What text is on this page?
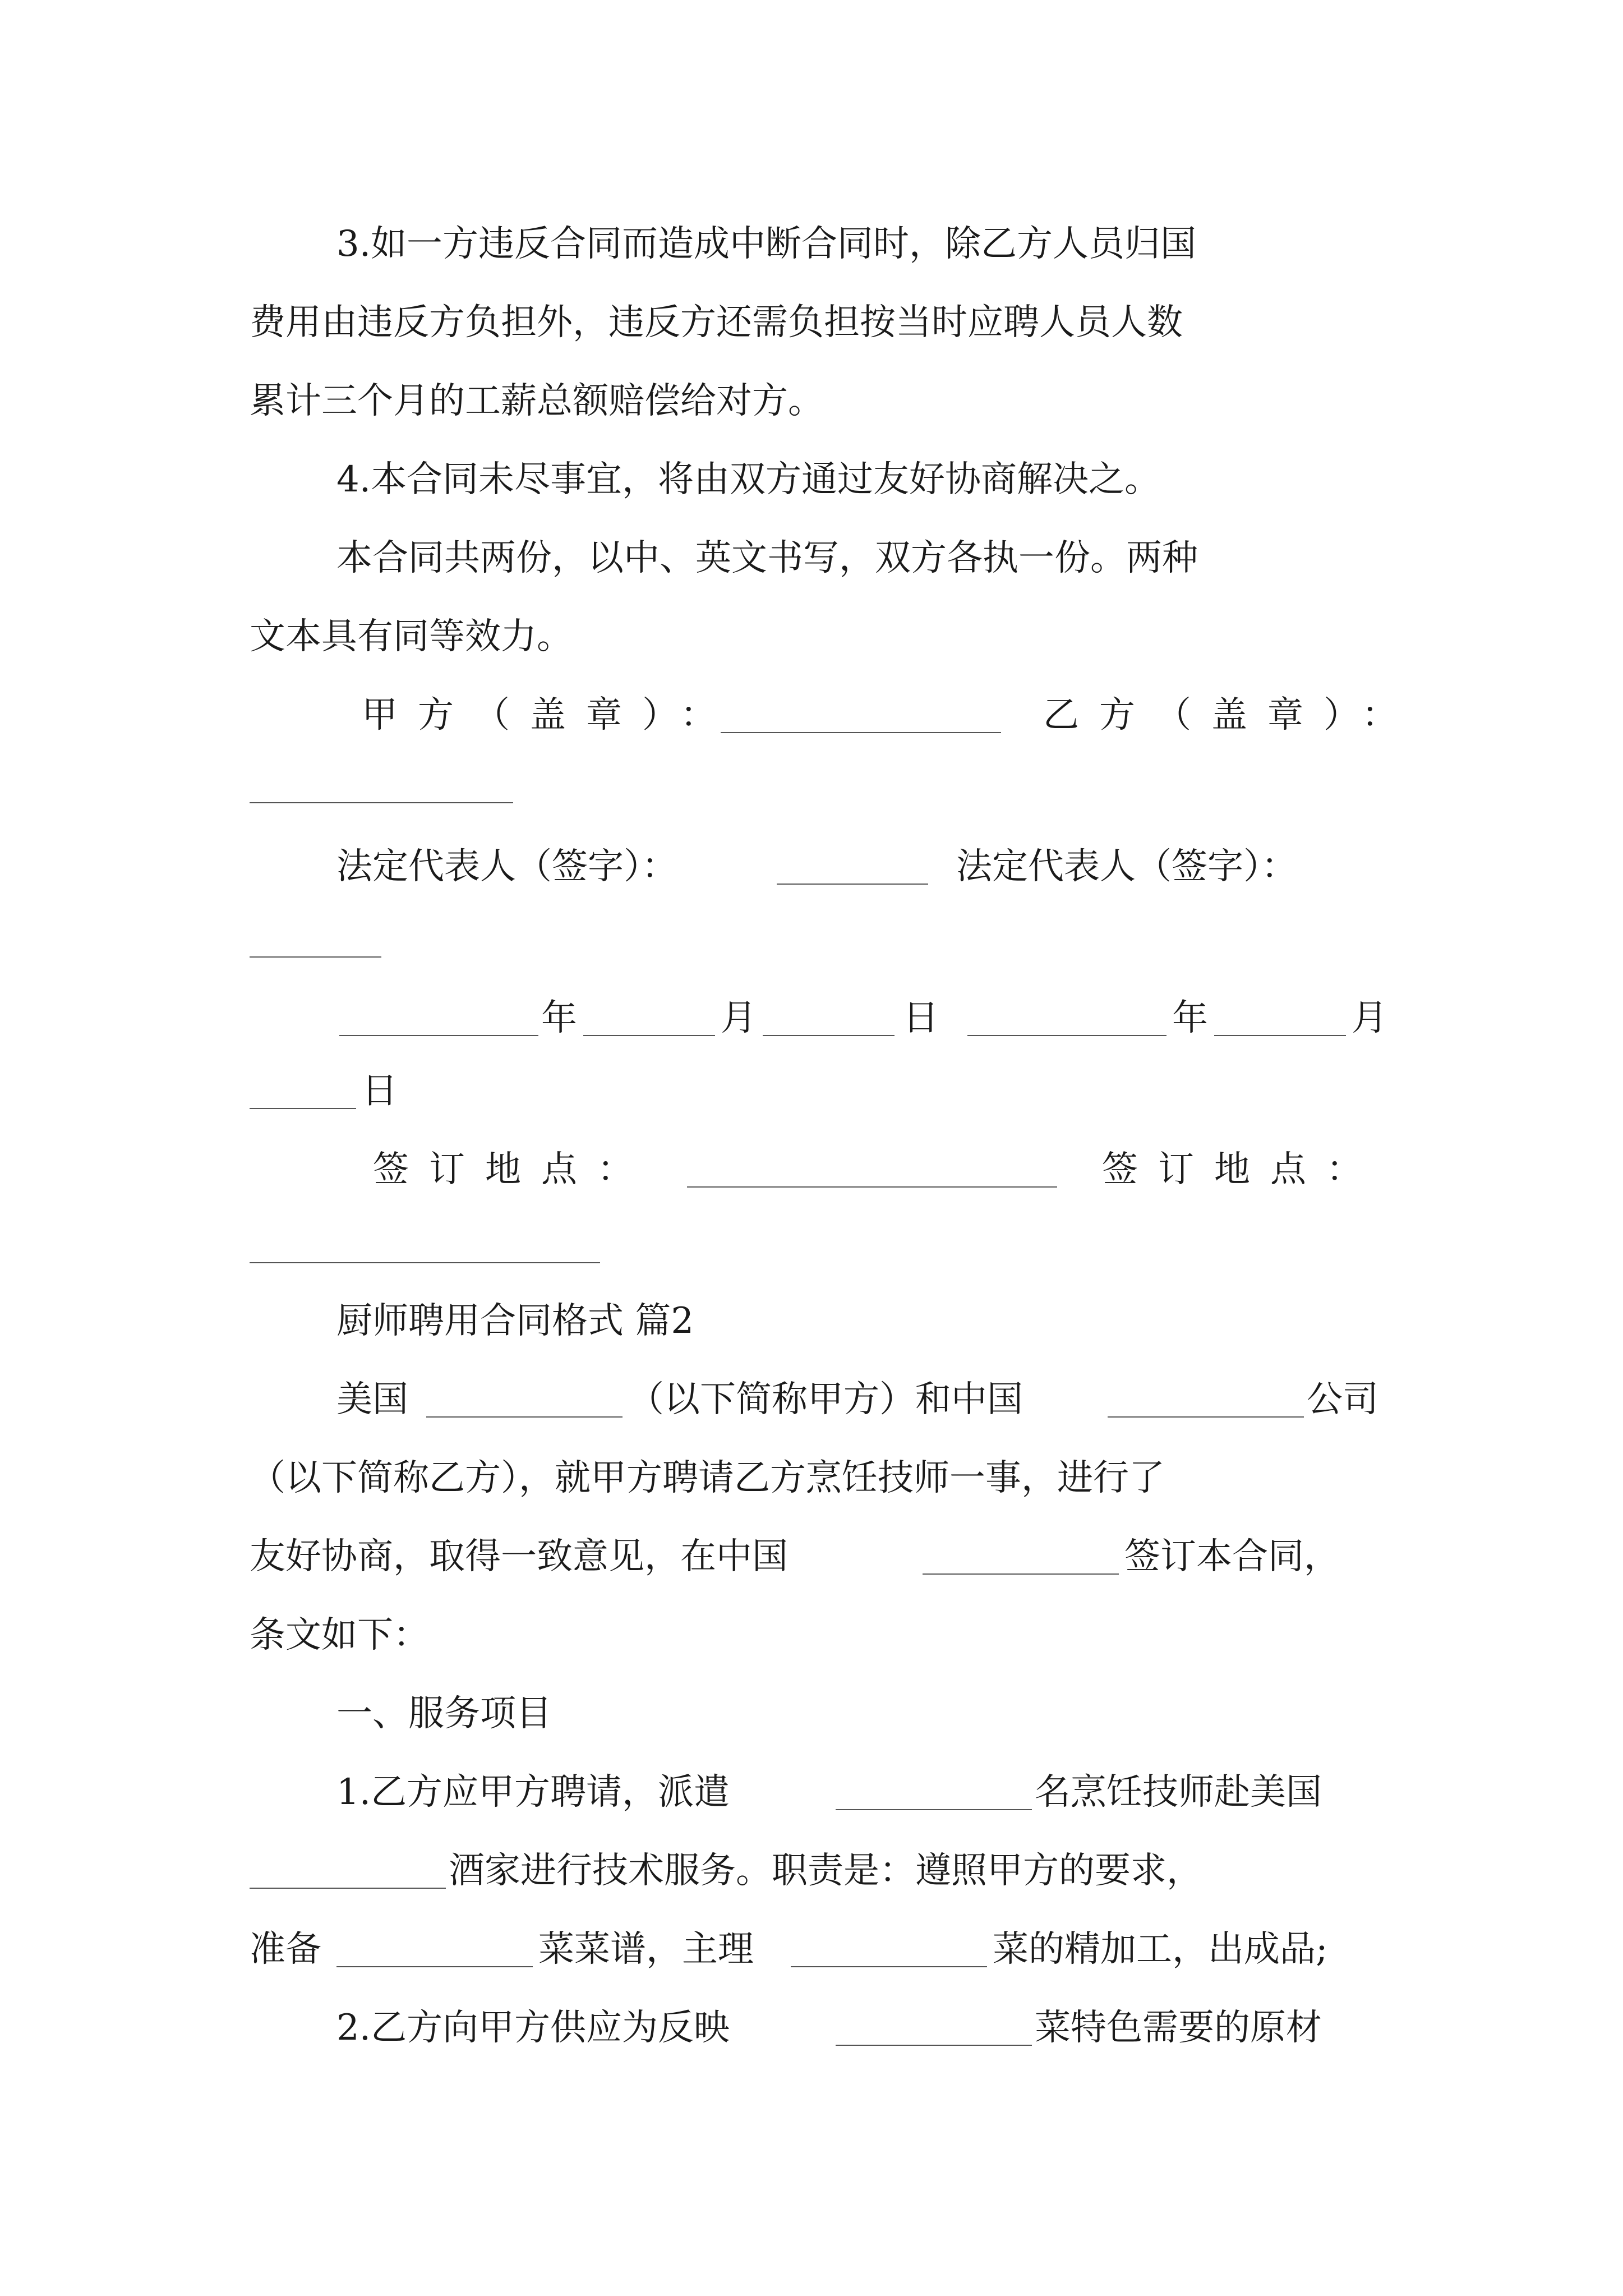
3.如一方违反合同而造成中断合同时，除乙方人员归国
费用由违反方负担外，违反方还需负担按当时应聘人员人数
累计三个月的工薪总额赔偿给对方。
4.本合同未尽事宜，将由双方通过友好协商解决之。
本合同共两份，以中、英文书写，双方各执一份。两种
文本具有同等效力。
甲方（盖章）：	乙方（盖章）：
法定代表人（签字）：	法定代表人（签字）：
年	月	日	年	月
日
签订地点：	签订地点：
厨师聘用合同格式 篇2
美国	（以下简称甲方）和中国	公司
（以下简称乙方），就甲方聘请乙方烹饪技师一事，进行了
友好协商，取得一致意见，在中国	签订本合同，
条文如下：
一、服务项目
1.乙方应甲方聘请，派遣	名烹饪技师赴美国
酒家进行技术服务。职责是：遵照甲方的要求，
准备	菜菜谱，主理	菜的精加工，出成品;
2.乙方向甲方供应为反映	菜特色需要的原材
